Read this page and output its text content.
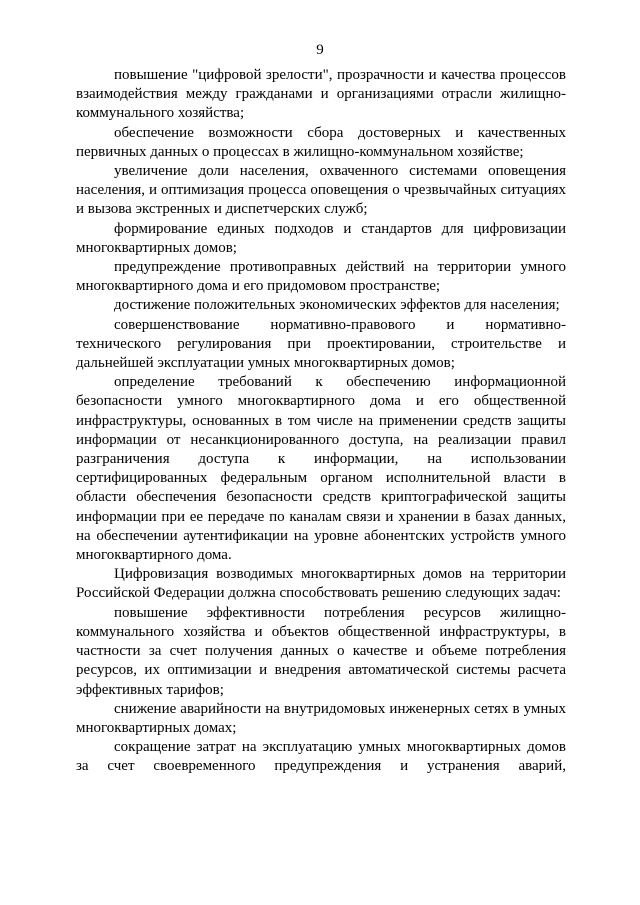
9

повышение "цифровой зрелости", прозрачности и качества процессов взаимодействия между гражданами и организациями отрасли жилищно-коммунального хозяйства;

обеспечение возможности сбора достоверных и качественных первичных данных о процессах в жилищно-коммунальном хозяйстве;

увеличение доли населения, охваченного системами оповещения населения, и оптимизация процесса оповещения о чрезвычайных ситуациях и вызова экстренных и диспетчерских служб;

формирование единых подходов и стандартов для цифровизации многоквартирных домов;

предупреждение противоправных действий на территории умного многоквартирного дома и его придомовом пространстве;

достижение положительных экономических эффектов для населения;

совершенствование нормативно-правового и нормативно-технического регулирования при проектировании, строительстве и дальнейшей эксплуатации умных многоквартирных домов;

определение требований к обеспечению информационной безопасности умного многоквартирного дома и его общественной инфраструктуры, основанных в том числе на применении средств защиты информации от несанкционированного доступа, на реализации правил разграничения доступа к информации, на использовании сертифицированных федеральным органом исполнительной власти в области обеспечения безопасности средств криптографической защиты информации при ее передаче по каналам связи и хранении в базах данных, на обеспечении аутентификации на уровне абонентских устройств умного многоквартирного дома.

Цифровизация возводимых многоквартирных домов на территории Российской Федерации должна способствовать решению следующих задач:

повышение эффективности потребления ресурсов жилищно-коммунального хозяйства и объектов общественной инфраструктуры, в частности за счет получения данных о качестве и объеме потребления ресурсов, их оптимизации и внедрения автоматической системы расчета эффективных тарифов;

снижение аварийности на внутридомовых инженерных сетях в умных многоквартирных домах;

сокращение затрат на эксплуатацию умных многоквартирных домов за счет своевременного предупреждения и устранения аварий,
